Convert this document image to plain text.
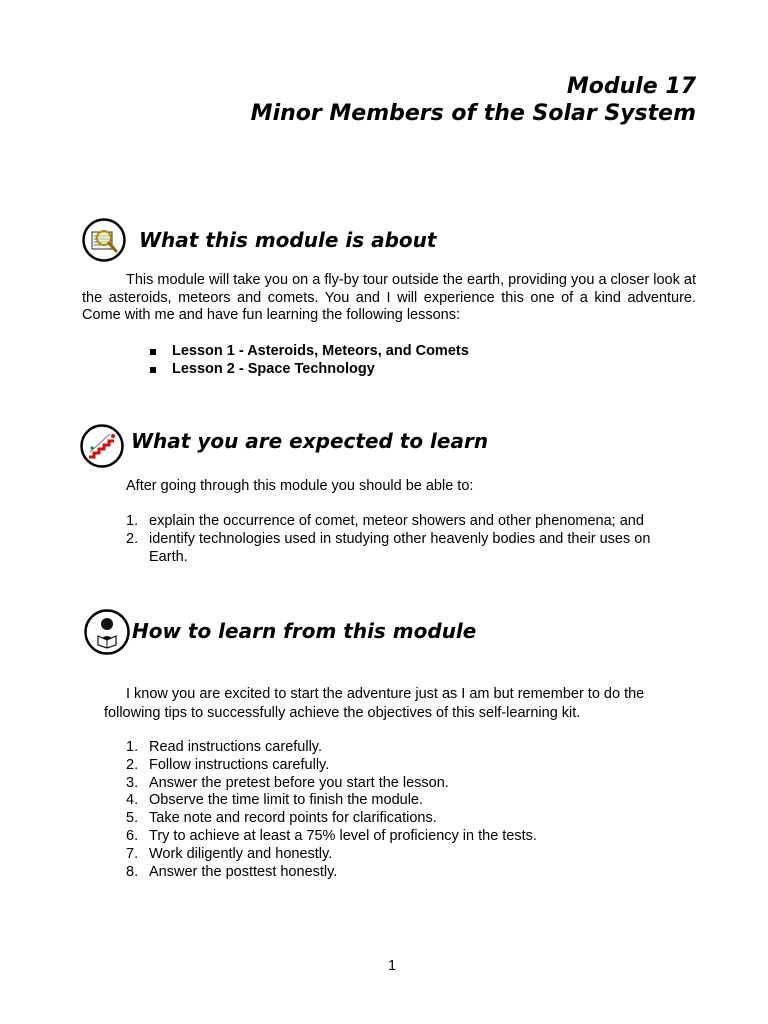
Module 17
Minor Members of the Solar System
What this module is about
This module will take you on a fly-by tour outside the earth, providing you a closer look at the asteroids, meteors and comets. You and I will experience this one of a kind adventure. Come with me and have fun learning the following lessons:
Lesson 1 - Asteroids, Meteors, and Comets
Lesson 2 - Space Technology
What you are expected to learn
After going through this module you should be able to:
1. explain the occurrence of comet, meteor showers and other phenomena; and
2. identify technologies used in studying other heavenly bodies and their uses on Earth.
How to learn from this module
I know you are excited to start the adventure just as I am but remember to do the following tips to successfully achieve the objectives of this self-learning kit.
1. Read instructions carefully.
2. Follow instructions carefully.
3. Answer the pretest before you start the lesson.
4. Observe the time limit to finish the module.
5. Take note and record points for clarifications.
6. Try to achieve at least a 75% level of proficiency in the tests.
7. Work diligently and honestly.
8. Answer the posttest honestly.
1
